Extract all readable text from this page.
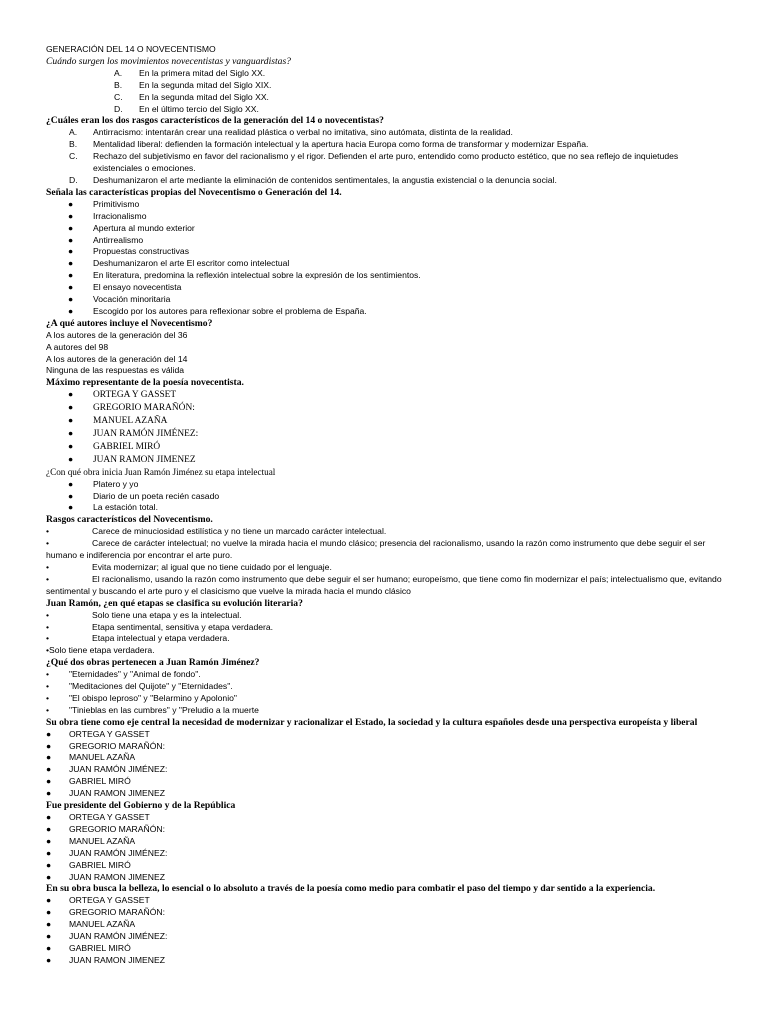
GENERACIÓN DEL 14 O NOVECENTISMO
Cuándo surgen los movimientos novecentistas y vanguardistas?
A. En la primera mitad del Siglo XX.
B. En la segunda mitad del Siglo XIX.
C. En la segunda mitad del Siglo XX.
D. En el último tercio del Siglo XX.
¿Cuáles eran los dos rasgos característicos de la generación del 14 o novecentistas?
A. Antirracismo: intentarán crear una realidad plástica o verbal no imitativa, sino autómata, distinta de la realidad.
B. Mentalidad liberal: defienden la formación intelectual y la apertura hacia Europa como forma de transformar y modernizar España.
C. Rechazo del subjetivismo en favor del racionalismo y el rigor. Defienden el arte puro, entendido como producto estético, que no sea reflejo de inquietudes existenciales o emociones.
D. Deshumanizaron el arte mediante la eliminación de contenidos sentimentales, la angustia existencial o la denuncia social.
Señala las características propias del Novecentismo o Generación del 14.
● Primitivismo
● Irracionalismo
● Apertura al mundo exterior
● Antirrealismo
● Propuestas constructivas
● Deshumanizaron el arte El escritor como intelectual
● En literatura, predomina la reflexión intelectual sobre la expresión de los sentimientos.
● El ensayo novecentista
● Vocación minoritaria
● Escogido por los autores para reflexionar sobre el problema de España.
¿A qué autores incluye el Novecentismo?
A los autores de la generación del 36
A autores del 98
A los autores de la generación del 14
Ninguna de las respuestas es válida
Máximo representante de la poesía novecentista.
● ORTEGA Y GASSET
● GREGORIO MARAÑÓN:
● MANUEL AZAÑA
● JUAN RAMÓN JIMÉNEZ:
● GABRIEL MIRÓ
● JUAN RAMON JIMENEZ
¿Con qué obra inicia Juan Ramón Jiménez su etapa intelectual
● Platero y yo
● Diario de un poeta recién casado
● La estación total.
Rasgos característicos del Novecentismo.
•	Carece de minuciosidad estilística y no tiene un marcado carácter intelectual.
•	Carece de carácter intelectual; no vuelve la mirada hacia el mundo clásico; presencia del racionalismo, usando la razón como instrumento que debe seguir el ser humano e indiferencia por encontrar el arte puro.
•	Evita modernizar; al igual que no tiene cuidado por el lenguaje.
•	El racionalismo, usando la razón como instrumento que debe seguir el ser humano; europeísmo, que tiene como fin modernizar el país; intelectualismo que, evitando sentimental y buscando el arte puro y el clasicismo que vuelve la mirada hacia el mundo clásico
Juan Ramón, ¿en qué etapas se clasifica su evolución literaria?
•	Solo tiene una etapa y es la intelectual.
•	Etapa sentimental, sensitiva y etapa verdadera.
•	Etapa intelectual y etapa verdadera.
•Solo tiene etapa verdadera.
¿Qué dos obras pertenecen a Juan Ramón Jiménez?
• "Eternidades" y "Animal de fondo".
• "Meditaciones del Quijote" y "Eternidades".
• "El obispo leproso" y "Belarmino y Apolonio"
• "Tinieblas en las cumbres" y "Preludio a la muerte
Su obra tiene como eje central la necesidad de modernizar y racionalizar el Estado, la sociedad y la cultura españoles desde una perspectiva europeísta y liberal
● ORTEGA Y GASSET
● GREGORIO MARAÑÓN:
● MANUEL AZAÑA
● JUAN RAMÓN JIMÉNEZ:
● GABRIEL MIRÓ
● JUAN RAMON JIMENEZ
Fue presidente del Gobierno y de la República
● ORTEGA Y GASSET
● GREGORIO MARAÑÓN:
● MANUEL AZAÑA
● JUAN RAMÓN JIMÉNEZ:
● GABRIEL MIRÓ
● JUAN RAMON JIMENEZ
En su obra busca la belleza, lo esencial o lo absoluto a través de la poesía como medio para combatir el paso del tiempo y dar sentido a la experiencia.
● ORTEGA Y GASSET
● GREGORIO MARAÑÓN:
● MANUEL AZAÑA
● JUAN RAMÓN JIMÉNEZ:
● GABRIEL MIRÓ
● JUAN RAMON JIMENEZ
